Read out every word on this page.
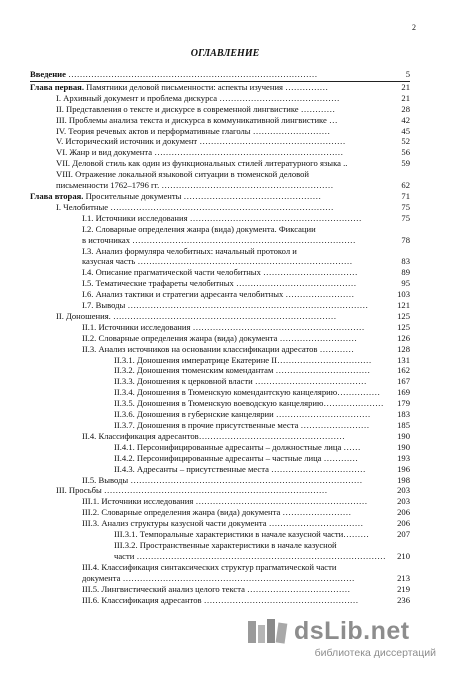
2
ОГЛАВЛЕНИЕ
Введение ……………………………………………………………………………	5
Глава первая. Памятники деловой письменности: аспекты изучения ……………	21
I. Архивный документ и проблема дискурса ……………………………………	21
II. Представления о тексте и дискурсе в современной лингвистике …………	28
III. Проблемы анализа текста и дискурса в коммуникативной лингвистике …	42
IV. Теория речевых актов и перформативные глаголы ………………………	45
V. Исторический источник и документ ……………………………………………	52
VI. Жанр и вид документа …………………………………………………………	56
VII. Деловой стиль как один из функциональных стилей литературного языка ..	59
VIII. Отражение локальной языковой ситуации в тюменской деловой
письменности 1762–1796 гг. ……………………………………………………	62
Глава вторая. Просительные документы …………………………………………	71
I. Челобитные ……………………………………………………………………	75
I.1. Источники исследования ……………………………………………………	75
I.2. Словарные определения жанра (вида) документа. Фиксации
в источниках ……………………………………………………………………	78
I.3. Анализ формуляра челобитных: начальный протокол и
казусная часть …………………………………………………………………	83
I.4. Описание прагматической части челобитных ……………………………	89
I.5. Тематические трафареты челобитных ……………………………………	95
I.6. Анализ тактики и стратегии адресанта челобитных ……………………	103
I.7. Выводы …………………………………………………………………………	121
II. Доношения. ……………………………………………………………………	125
II.1. Источники исследования ……………………………………………………	125
II.2. Словарные определения жанра (вида) документа ………………………	126
II.3. Анализ источников на основании классификации адресатов …………	128
II.3.1. Доношения императрице Екатерине II……………………………	131
II.3.2. Доношения тюменским комендантам ……………………………	162
II.3.3. Доношения к церковной власти …………………………………	167
II.3.4. Доношения в Тюменскую комендантскую канцелярию…………… 169
II.3.5. Доношения в Тюменскую воеводскую канцелярию………………… 179
II.3.6. Доношения в губернские канцелярии ……………………………	183
II.3.7. Доношения в прочие присутственные места ……………………	185
II.4. Классификация адресантов……………………………………………	190
II.4.1. Персонифицированные адресанты – должностные лица ……	190
II.4.2. Персонифицированные адресанты – частные лица …………	193
II.4.3. Адресанты – присутственные места ……………………………	196
II.5. Выводы ………………………………………………………………………	198
III. Просьбы ……………………………………………………………………	203
III.1. Источники исследования ……………………………………………………	203
III.2. Словарные определения жанра (вида) документа ……………………	206
III.3. Анализ структуры казусной части документа ……………………………	206
III.3.1. Темпоральные характеристики в начале казусной части………	207
III.3.2. Пространственные характеристики в начале казусной
части …………………………………………………………………………… 210
III.4. Классификация синтаксических структур прагматической части
документа ………………………………………………………………………	213
III.5. Лингвистический анализ целого текста ………………………………	219
III.6. Классификация адресантов ………………………………………………	236
dsLib.net
библиотека диссертаций
